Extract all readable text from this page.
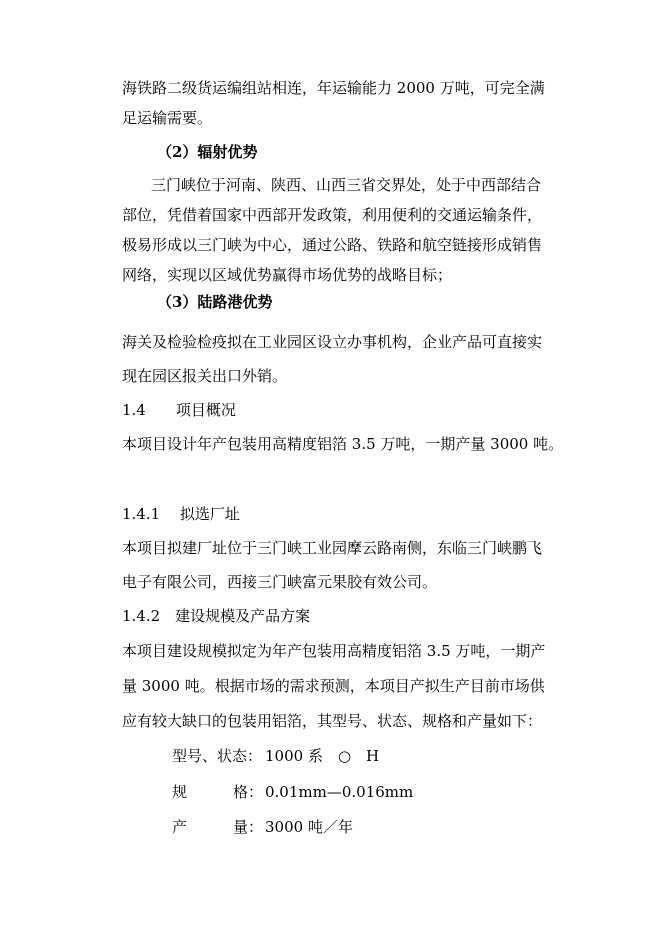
海铁路二级货运编组站相连，年运输能力 2000 万吨，可完全满
足运输需要。
（2）辐射优势
三门峡位于河南、陕西、山西三省交界处，处于中西部结合
部位，凭借着国家中西部开发政策，利用便利的交通运输条件，
极易形成以三门峡为中心，通过公路、铁路和航空链接形成销售
网络，实现以区域优势赢得市场优势的战略目标；
（3）陆路港优势
海关及检验检疫拟在工业园区设立办事机构，企业产品可直接实
现在园区报关出口外销。
1.4　　项目概况
本项目设计年产包装用高精度铝箔 3.5 万吨，一期产量 3000 吨。
1.4.1　 拟选厂址
本项目拟建厂址位于三门峡工业园摩云路南侧，东临三门峡鹏飞
电子有限公司，西接三门峡富元果胶有效公司。
1.4.2　建设规模及产品方案
本项目建设规模拟定为年产包装用高精度铝箔 3.5 万吨，一期产
量 3000 吨。根据市场的需求预测，本项目产拟生产目前市场供
应有较大缺口的包装用铝箔，其型号、状态、规格和产量如下：
型号、状态： 1000 系　○　H
规	格： 0.01mm—0.016mm
产	量： 3000 吨／年
